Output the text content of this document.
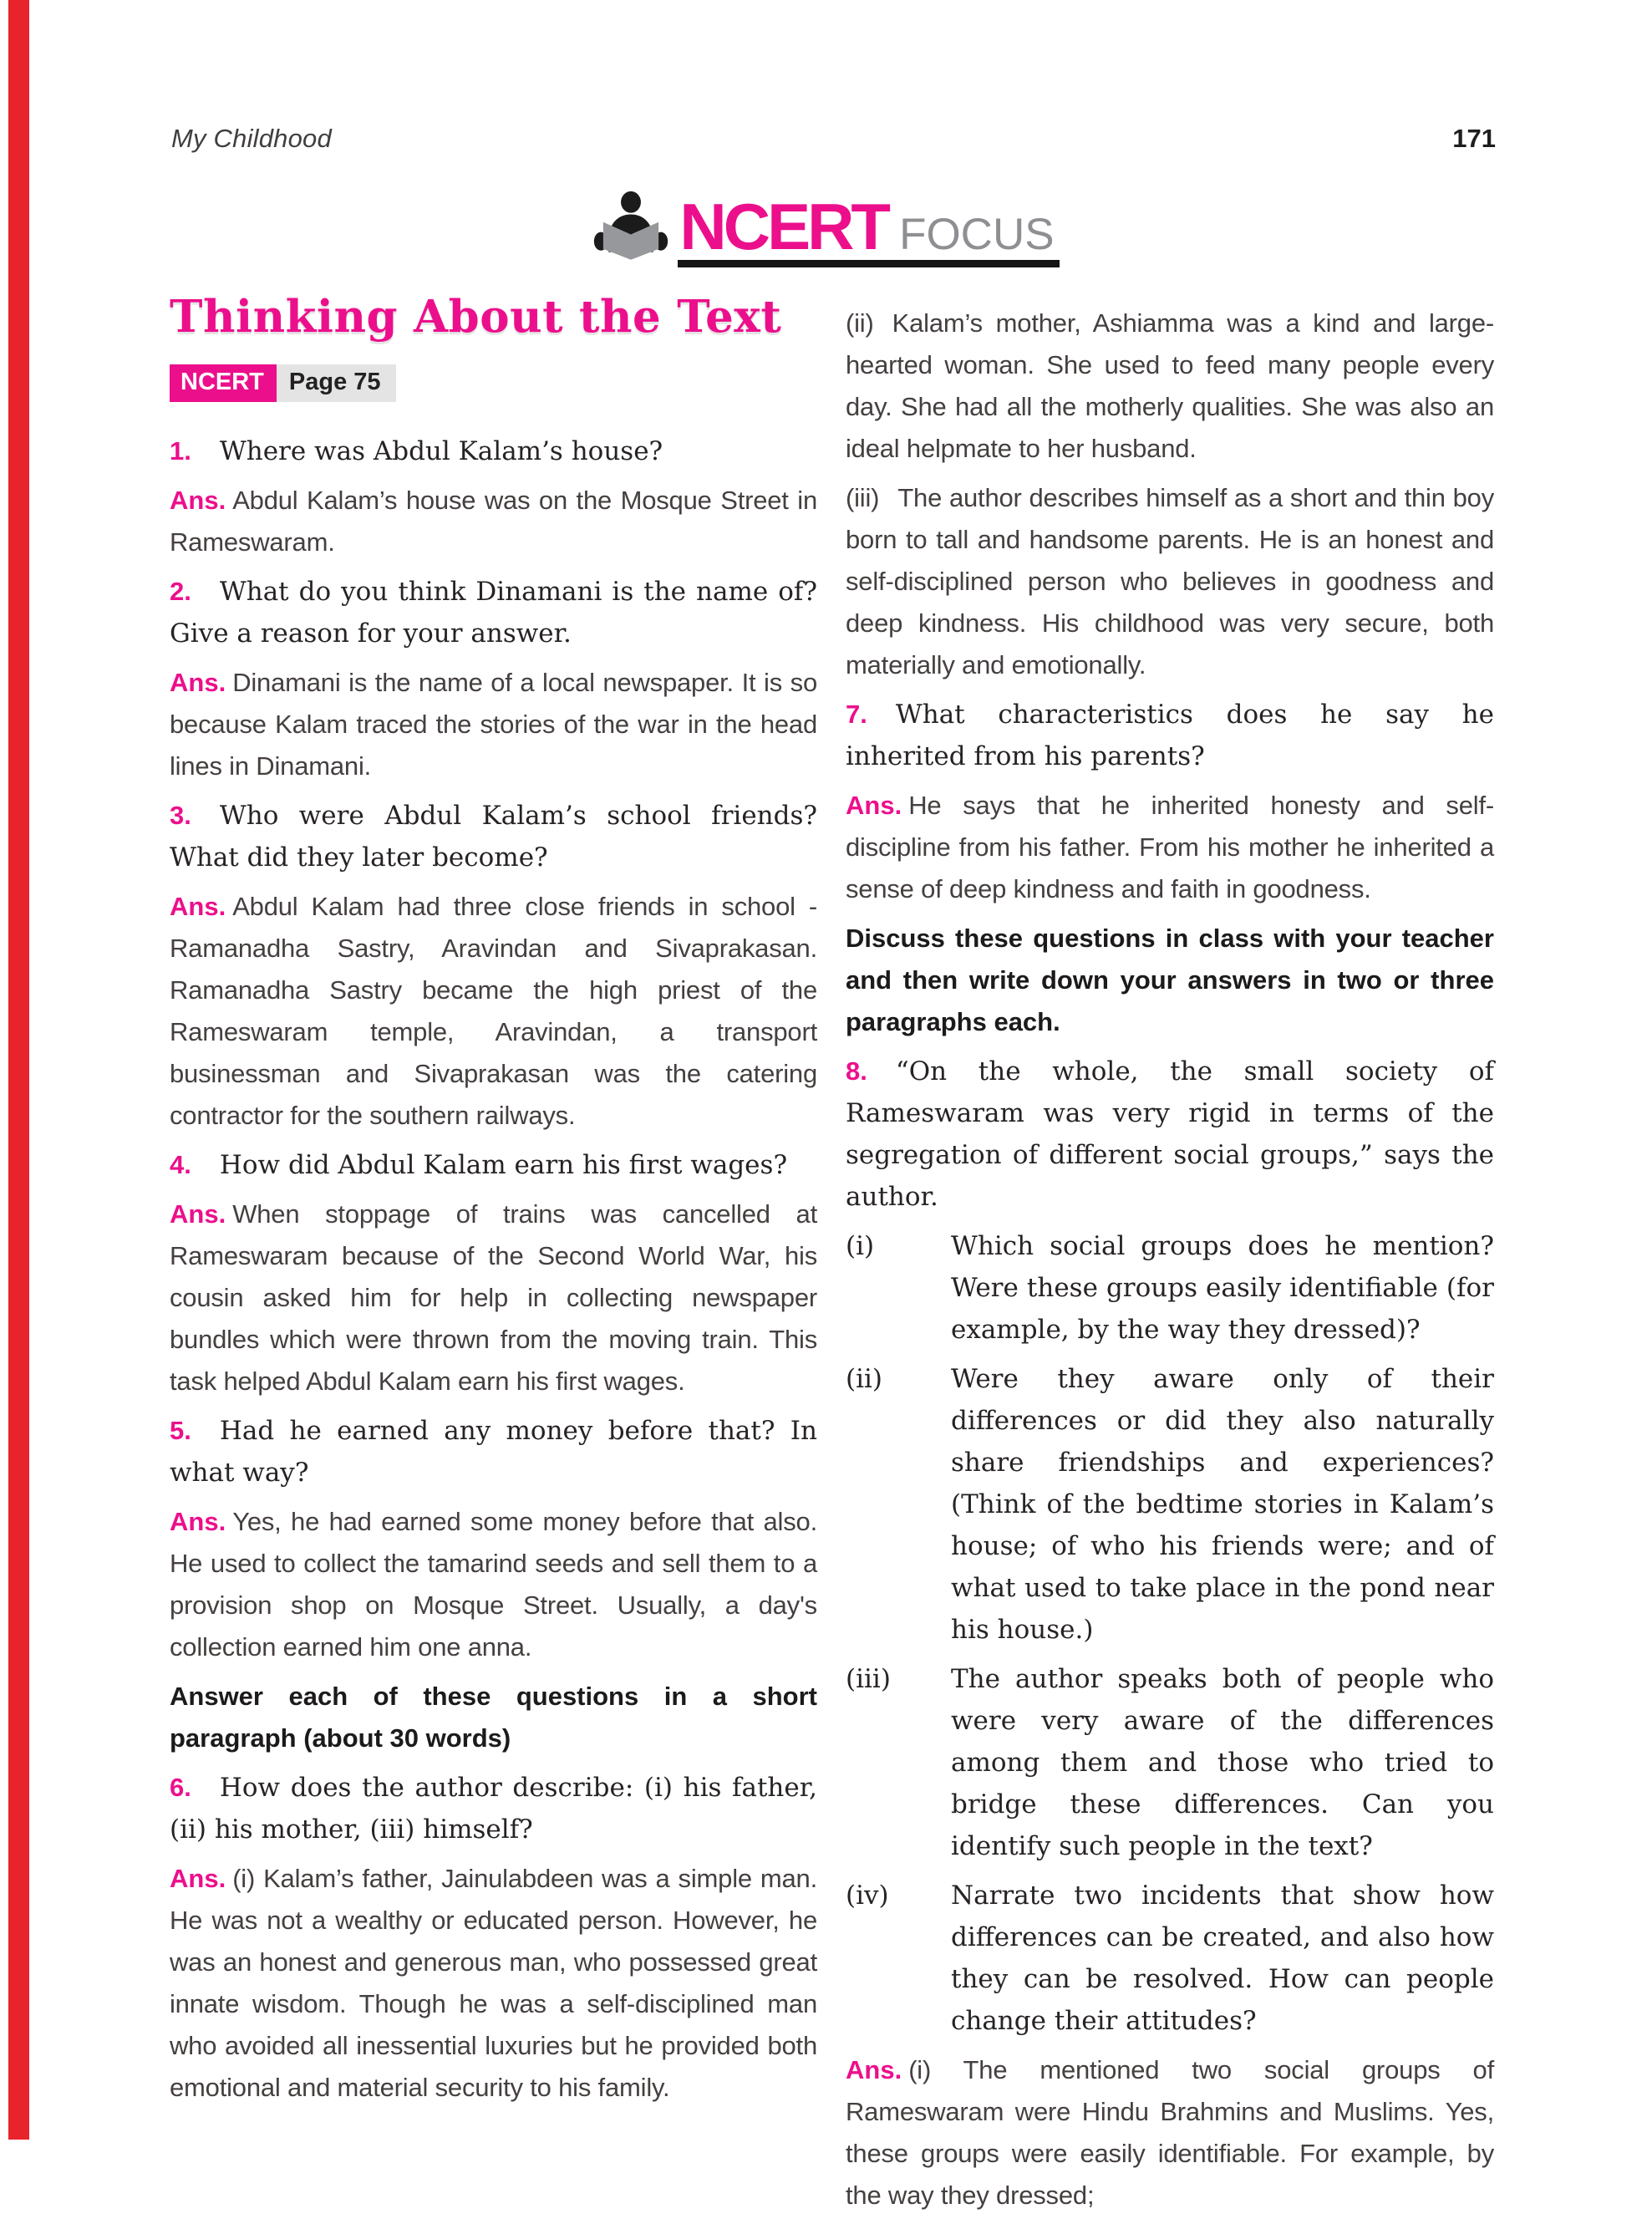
My Childhood	171
NCERT FOCUS
Thinking About the Text
NCERT	Page 75

1. Where was Abdul Kalam’s house?

Ans. Abdul Kalam’s house was on the Mosque Street in Rameswaram.

2. What do you think Dinamani is the name of? Give a reason for your answer.

Ans. Dinamani is the name of a local newspaper. It is so because Kalam traced the stories of the war in the head lines in Dinamani.

3. Who were Abdul Kalam’s school friends? What did they later become?

Ans. Abdul Kalam had three close friends in school - Ramanadha Sastry, Aravindan and Sivaprakasan. Ramanadha Sastry became the high priest of the Rameswaram temple, Aravindan, a transport businessman and Sivaprakasan was the catering contractor for the southern railways.

4. How did Abdul Kalam earn his first wages?

Ans. When stoppage of trains was cancelled at Rameswaram because of the Second World War, his cousin asked him for help in collecting newspaper bundles which were thrown from the moving train. This task helped Abdul Kalam earn his first wages.

5. Had he earned any money before that? In what way?

Ans. Yes, he had earned some money before that also. He used to collect the tamarind seeds and sell them to a provision shop on Mosque Street. Usually, a day's collection earned him one anna.

Answer each of these questions in a short paragraph (about 30 words)

6. How does the author describe: (i) his father, (ii) his mother, (iii) himself?

Ans. (i) Kalam’s father, Jainulabdeen was a simple man. He was not a wealthy or educated person. However, he was an honest and generous man, who possessed great innate wisdom. Though he was a self-disciplined man who avoided all inessential luxuries but he provided both emotional and material security to his family.

(ii) Kalam’s mother, Ashiamma was a kind and large-hearted woman. She used to feed many people every day. She had all the motherly qualities. She was also an ideal helpmate to her husband.

(iii) The author describes himself as a short and thin boy born to tall and handsome parents. He is an honest and self-disciplined person who believes in goodness and deep kindness. His childhood was very secure, both materially and emotionally.

7. What characteristics does he say he inherited from his parents?

Ans. He says that he inherited honesty and self-discipline from his father. From his mother he inherited a sense of deep kindness and faith in goodness.

Discuss these questions in class with your teacher and then write down your answers in two or three paragraphs each.

8. “On the whole, the small society of Rameswaram was very rigid in terms of the segregation of different social groups,” says the author.

(i)	Which social groups does he mention? Were these groups easily identifiable (for example, by the way they dressed)?

(ii)	Were they aware only of their differences or did they also naturally share friendships and experiences? (Think of the bedtime stories in Kalam’s house; of who his friends were; and of what used to take place in the pond near his house.)

(iii) The author speaks both of people who were very aware of the differences among them and those who tried to bridge these differences. Can you identify such people in the text?

(iv) Narrate two incidents that show how differences can be created, and also how they can be resolved. How can people change their attitudes?

Ans. (i) The mentioned two social groups of Rameswaram were Hindu Brahmins and Muslims. Yes, these groups were easily identifiable. For example, by the way they dressed;
